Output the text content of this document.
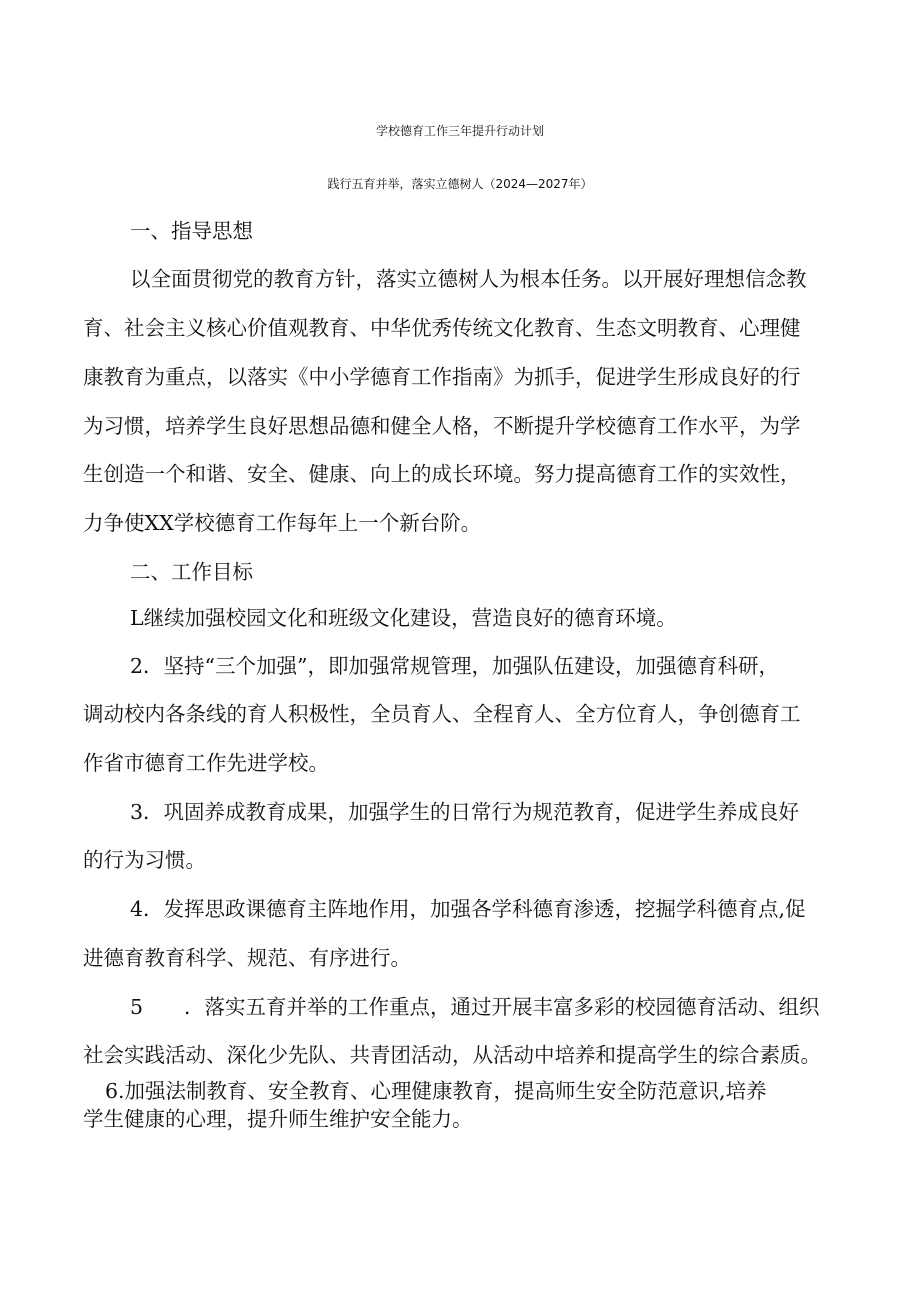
学校德育工作三年提升行动计划
践行五育并举，落实立德树人（2024—2027年）
一、指导思想
以全面贯彻党的教育方针，落实立德树人为根本任务。以开展好理想信念教
育、社会主义核心价值观教育、中华优秀传统文化教育、生态文明教育、心理健
康教育为重点，以落实《中小学德育工作指南》为抓手，促进学生形成良好的行
为习惯，培养学生良好思想品德和健全人格，不断提升学校德育工作水平，为学
生创造一个和谐、安全、健康、向上的成长环境。努力提高德育工作的实效性，
力争使XX学校德育工作每年上一个新台阶。
二、工作目标
L继续加强校园文化和班级文化建设，营造良好的德育环境。
2．坚持“三个加强”，即加强常规管理，加强队伍建设，加强德育科研，
调动校内各条线的育人积极性，全员育人、全程育人、全方位育人，争创德育工
作省市德育工作先进学校。
3．巩固养成教育成果，加强学生的日常行为规范教育，促进学生养成良好
的行为习惯。
4．发挥思政课德育主阵地作用，加强各学科德育渗透，挖掘学科德育点,促
进德育教育科学、规范、有序进行。
5　　．落实五育并举的工作重点，通过开展丰富多彩的校园德育活动、组织
社会实践活动、深化少先队、共青团活动，从活动中培养和提高学生的综合素质。
6.加强法制教育、安全教育、心理健康教育，提高师生安全防范意识,培养
学生健康的心理，提升师生维护安全能力。
